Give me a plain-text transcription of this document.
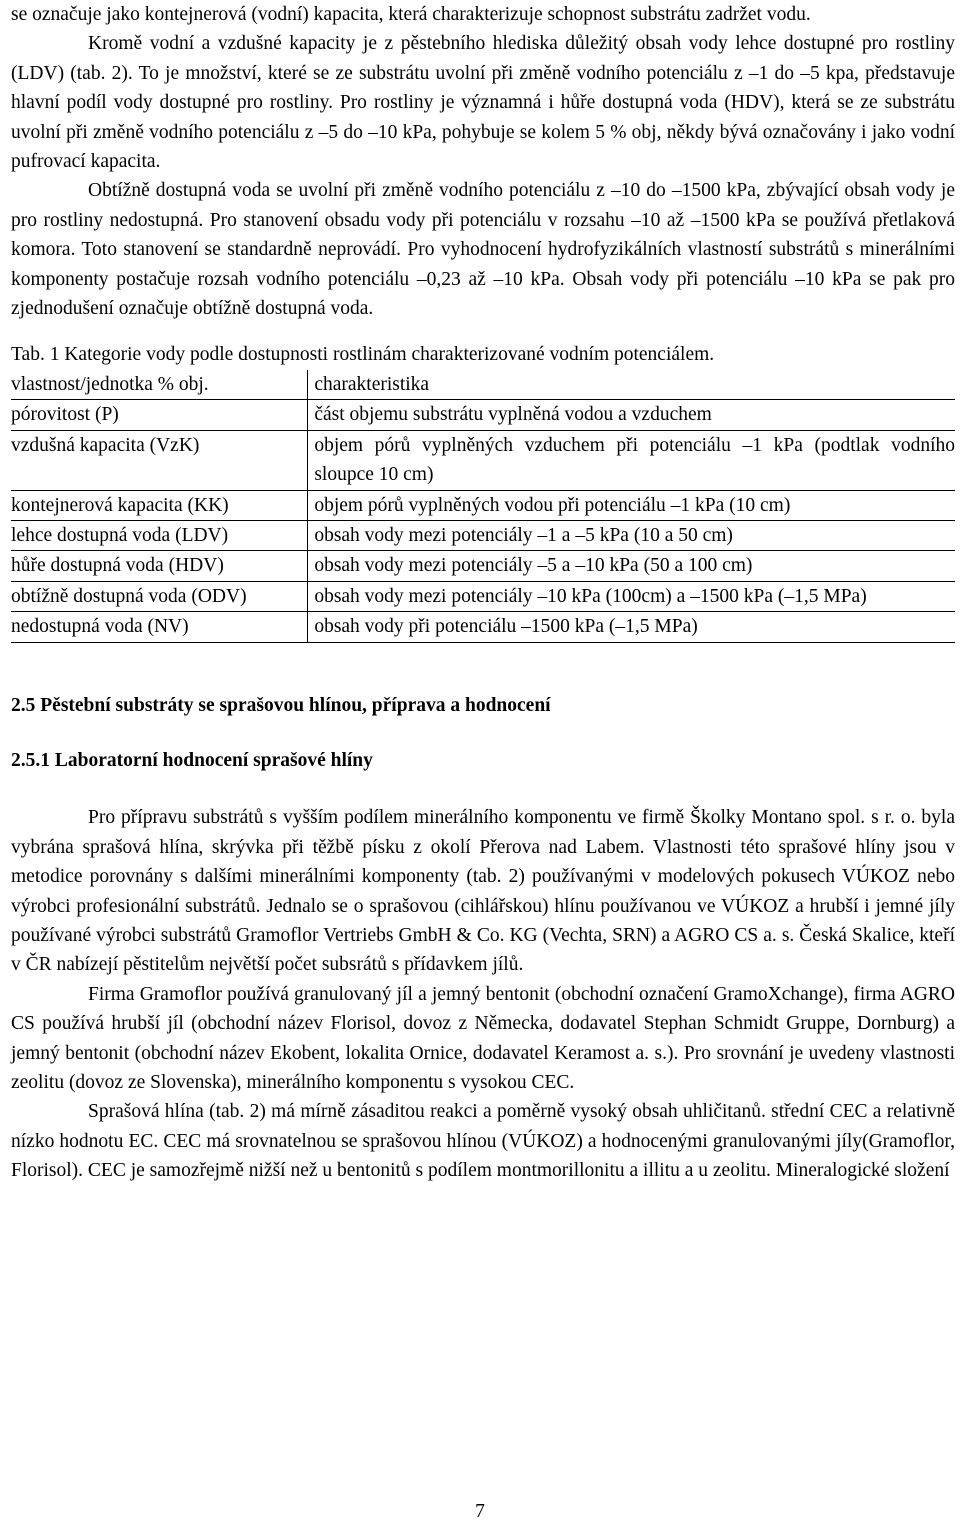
se označuje jako kontejnerová (vodní) kapacita, která charakterizuje schopnost substrátu zadržet vodu.

Kromě vodní a vzdušné kapacity je z pěstebního hlediska důležitý obsah vody lehce dostupné pro rostliny (LDV) (tab. 2). To je množství, které se ze substrátu uvolní při změně vodního potenciálu z –1 do –5 kpa, představuje hlavní podíl vody dostupné pro rostliny. Pro rostliny je významná i hůře dostupná voda (HDV), která se ze substrátu uvolní při změně vodního potenciálu z –5 do –10 kPa, pohybuje se kolem 5 % obj, někdy bývá označovány i jako vodní pufrovací kapacita.

Obtížně dostupná voda se uvolní při změně vodního potenciálu z –10 do –1500 kPa, zbývající obsah vody je pro rostliny nedostupná. Pro stanovení obsadu vody při potenciálu v rozsahu –10 až –1500 kPa se používá přetlaková komora. Toto stanovení se standardně neprovádí. Pro vyhodnocení hydrofyzikálních vlastností substrátů s minerálními komponenty postačuje rozsah vodního potenciálu –0,23 až –10 kPa. Obsah vody při potenciálu –10 kPa se pak pro zjednodušení označuje obtížně dostupná voda.

Tab. 1 Kategorie vody podle dostupnosti rostlinám charakterizované vodním potenciálem.

vlastnost/jednotka % obj.	charakteristika
pórovitost (P)	část objemu substrátu vyplněná vodou a vzduchem
vzdušná kapacita (VzK)	objem pórů vyplněných vzduchem při potenciálu –1 kPa (podtlak vodního sloupce 10 cm)
kontejnerová kapacita (KK)	objem pórů vyplněných vodou při potenciálu –1 kPa (10 cm)
lehce dostupná voda (LDV)	obsah vody mezi potenciály –1 a –5 kPa (10 a 50 cm)
hůře dostupná voda (HDV)	obsah vody mezi potenciály –5 a –10 kPa (50 a 100 cm)
obtížně dostupná voda (ODV)	obsah vody mezi potenciály –10 kPa (100cm) a –1500 kPa (–1,5 MPa)
nedostupná voda (NV)	obsah vody při potenciálu –1500 kPa (–1,5 MPa)
2.5 Pěstební substráty se sprašovou hlínou, příprava a hodnocení
2.5.1 Laboratorní hodnocení sprašové hlíny

Pro přípravu substrátů s vyšším podílem minerálního komponentu ve firmě Školky Montano spol. s r. o. byla vybrána sprašová hlína, skrývka při těžbě písku z okolí Přerova nad Labem. Vlastnosti této sprašové hlíny jsou v metodice porovnány s dalšími minerálními komponenty (tab. 2) používanými v modelových pokusech VÚKOZ nebo výrobci profesionální substrátů. Jednalo se o sprašovou (cihlářskou) hlínu používanou ve VÚKOZ a hrubší i jemné jíly používané výrobci substrátů Gramoflor Vertriebs GmbH & Co. KG (Vechta, SRN) a AGRO CS a. s. Česká Skalice, kteří v ČR nabízejí pěstitelům největší počet subsrátů s přídavkem jílů.

Firma Gramoflor používá granulovaný jíl a jemný bentonit (obchodní označení GramoXchange), firma AGRO CS používá hrubší jíl (obchodní název Florisol, dovoz z Německa, dodavatel Stephan Schmidt Gruppe, Dornburg) a jemný bentonit (obchodní název Ekobent, lokalita Ornice, dodavatel Keramost a. s.). Pro srovnání je uvedeny vlastnosti zeolitu (dovoz ze Slovenska), minerálního komponentu s vysokou CEC.

Sprašová hlína (tab. 2) má mírně zásaditou reakci a poměrně vysoký obsah uhličitanů. střední CEC a relativně nízko hodnotu EC. CEC má srovnatelnou se sprašovou hlínou (VÚKOZ) a hodnocenými granulovanými jíly(Gramoflor, Florisol). CEC je samozřejmě nižší než u bentonitů s podílem montmorillonitu a illitu a u zeolitu. Mineralogické složení

7
